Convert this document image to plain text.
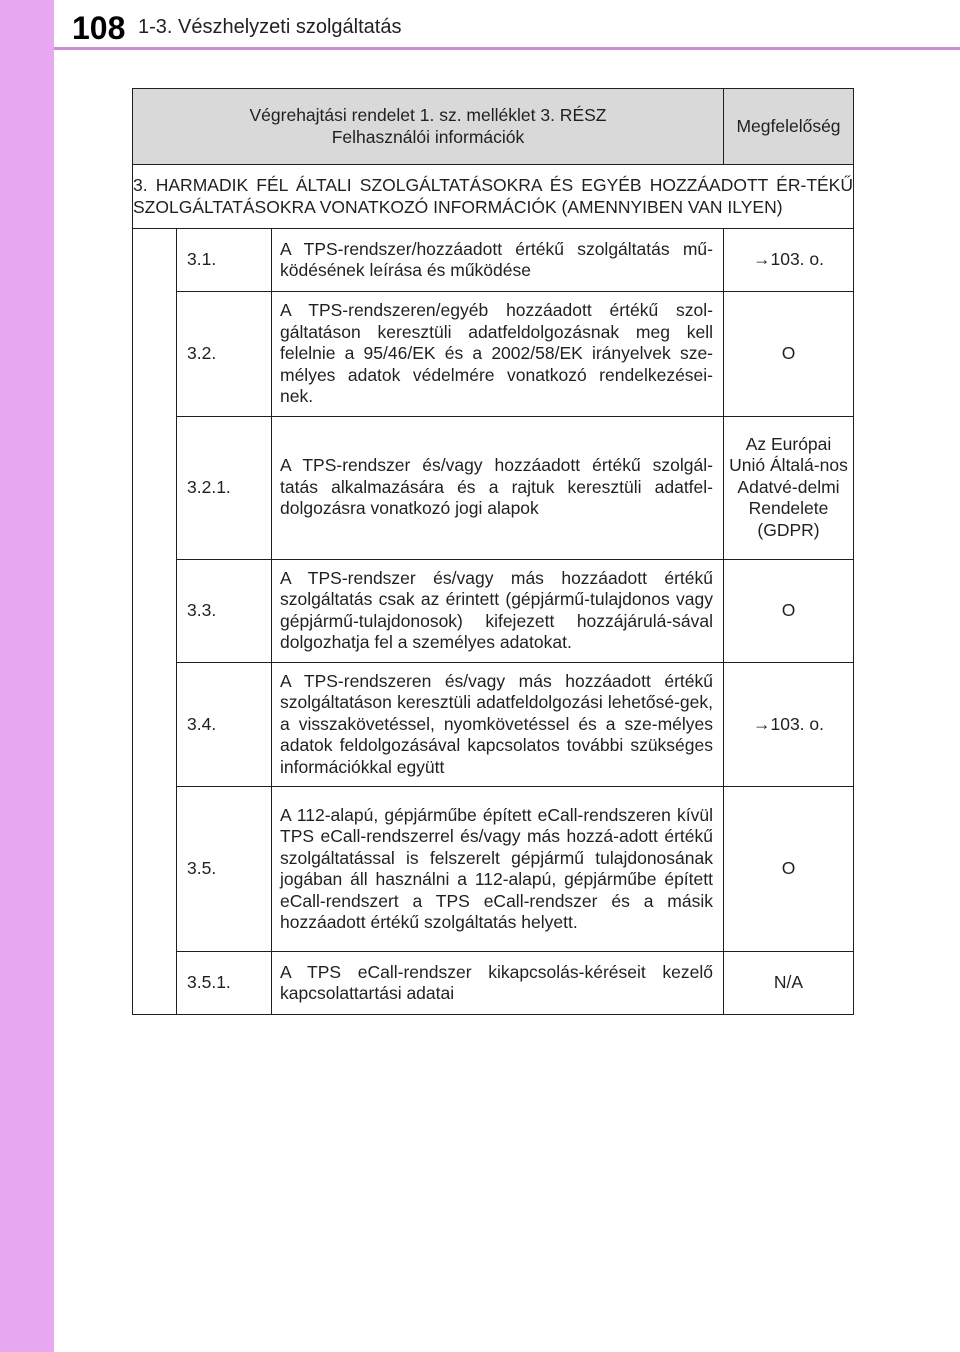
108 1-3. Vészhelyzeti szolgáltatás
Végrehajtási rendelet 1. sz. melléklet 3. RÉSZ
Felhasználói információk			Megfelelőség
3. HARMADIK FÉL ÁLTALI SZOLGÁLTATÁSOKRA ÉS EGYÉB HOZZÁADOTT ÉR-TÉKŰ SZOLGÁLTATÁSOKRA VONATKOZÓ INFORMÁCIÓK (AMENNYIBEN VAN ILYEN)			
	3.1.	A TPS-rendszer/hozzáadott értékű szolgáltatás mű-ködésének leírása és működése	→103. o.
	3.2.	A TPS-rendszeren/egyéb hozzáadott értékű szol-gáltatáson keresztüli adatfeldolgozásnak meg kell felelnie a 95/46/EK és a 2002/58/EK irányelvek sze-mélyes adatok védelmére vonatkozó rendelkezései-nek.	O
	3.2.1.	A TPS-rendszer és/vagy hozzáadott értékű szolgál-tatás alkalmazására és a rajtuk keresztüli adatfel-dolgozásra vonatkozó jogi alapok	Az Európai Unió Általá-nos Adatvé-delmi Rendelete (GDPR)
	3.3.	A TPS-rendszer és/vagy más hozzáadott értékű szolgáltatás csak az érintett (gépjármű-tulajdonos vagy gépjármű-tulajdonosok) kifejezett hozzájárulá-sával dolgozhatja fel a személyes adatokat.	O
	3.4.	A TPS-rendszeren és/vagy más hozzáadott értékű szolgáltatáson keresztüli adatfeldolgozási lehetősé-gek, a visszakövetéssel, nyomkövetéssel és a sze-mélyes adatok feldolgozásával kapcsolatos további szükséges információkkal együtt	→103. o.
	3.5.	A 112-alapú, gépjárműbe épített eCall-rendszeren kívül TPS eCall-rendszerrel és/vagy más hozzá-adott értékű szolgáltatással is felszerelt gépjármű tulajdonosának jogában áll használni a 112-alapú, gépjárműbe épített eCall-rendszert a TPS eCall-rendszer és a másik hozzáadott értékű szolgáltatás helyett.	O
	3.5.1.	A TPS eCall-rendszer kikapcsolás-kéréseit kezelő kapcsolattartási adatai	N/A
